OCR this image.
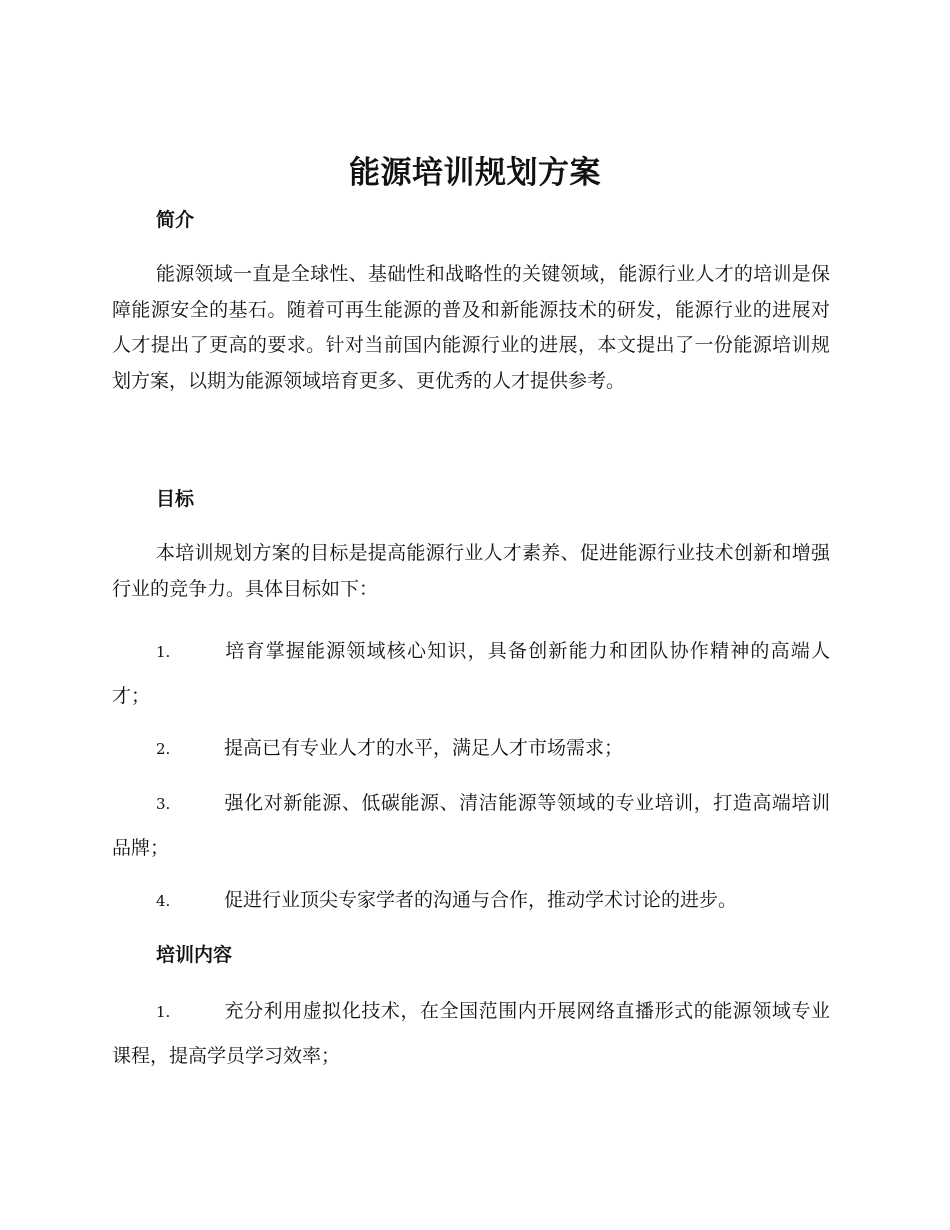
能源培训规划方案
简介

能源领域一直是全球性、基础性和战略性的关键领域，能源行业人才的培训是保障能源安全的基石。随着可再生能源的普及和新能源技术的研发，能源行业的进展对人才提出了更高的要求。针对当前国内能源行业的进展，本文提出了一份能源培训规划方案，以期为能源领域培育更多、更优秀的人才提供参考。

目标

本培训规划方案的目标是提高能源行业人才素养、促进能源行业技术创新和增强行业的竞争力。具体目标如下：

1.	培育掌握能源领域核心知识，具备创新能力和团队协作精神的高端人才；

2.	提高已有专业人才的水平，满足人才市场需求；

3.	强化对新能源、低碳能源、清洁能源等领域的专业培训，打造高端培训品牌；

4.	促进行业顶尖专家学者的沟通与合作，推动学术讨论的进步。

培训内容

1.	充分利用虚拟化技术，在全国范围内开展网络直播形式的能源领域专业课程，提高学员学习效率；
